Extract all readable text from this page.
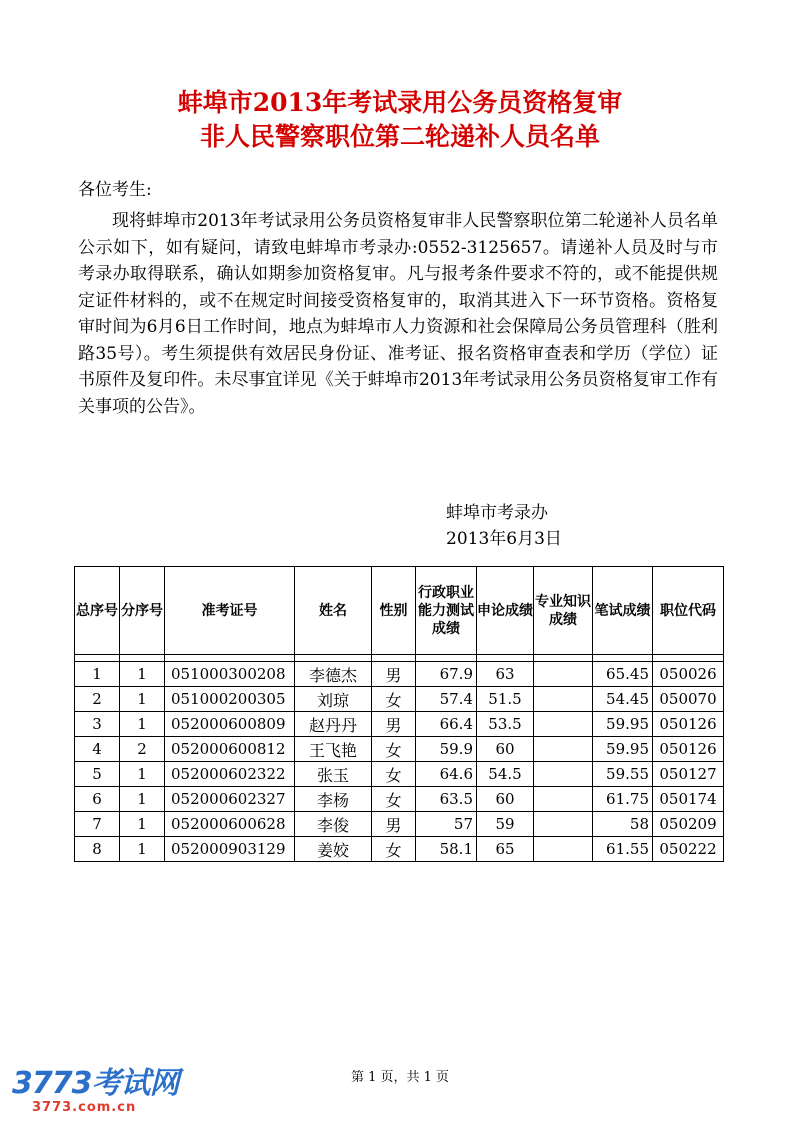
蚌埠市2013年考试录用公务员资格复审
非人民警察职位第二轮递补人员名单
各位考生:
现将蚌埠市2013年考试录用公务员资格复审非人民警察职位第二轮递补人员名单公示如下，如有疑问，请致电蚌埠市考录办:0552-3125657。请递补人员及时与市考录办取得联系，确认如期参加资格复审。凡与报考条件要求不符的，或不能提供规定证件材料的，或不在规定时间接受资格复审的，取消其进入下一环节资格。资格复审时间为6月6日工作时间，地点为蚌埠市人力资源和社会保障局公务员管理科（胜利路35号）。考生须提供有效居民身份证、准考证、报名资格审查表和学历（学位）证书原件及复印件。未尽事宜详见《关于蚌埠市2013年考试录用公务员资格复审工作有关事项的公告》。
蚌埠市考录办
2013年6月3日
总序号	分序号	准考证号	姓名	性别	行政职业能力测试成绩	申论成绩	专业知识成绩	笔试成绩	职位代码

1	1	051000300208	李德杰	男	67.9	63		65.45	050026
2	1	051000200305	刘琼	女	57.4	51.5		54.45	050070
3	1	052000600809	赵丹丹	男	66.4	53.5		59.95	050126
4	2	052000600812	王飞艳	女	59.9	60		59.95	050126
5	1	052000602322	张玉	女	64.6	54.5		59.55	050127
6	1	052000602327	李杨	女	63.5	60		61.75	050174
7	1	052000600628	李俊	男	57	59		58	050209
8	1	052000903129	姜姣	女	58.1	65		61.55	050222
第 1 页，共 1 页
3773考试网
3773.com.cn
